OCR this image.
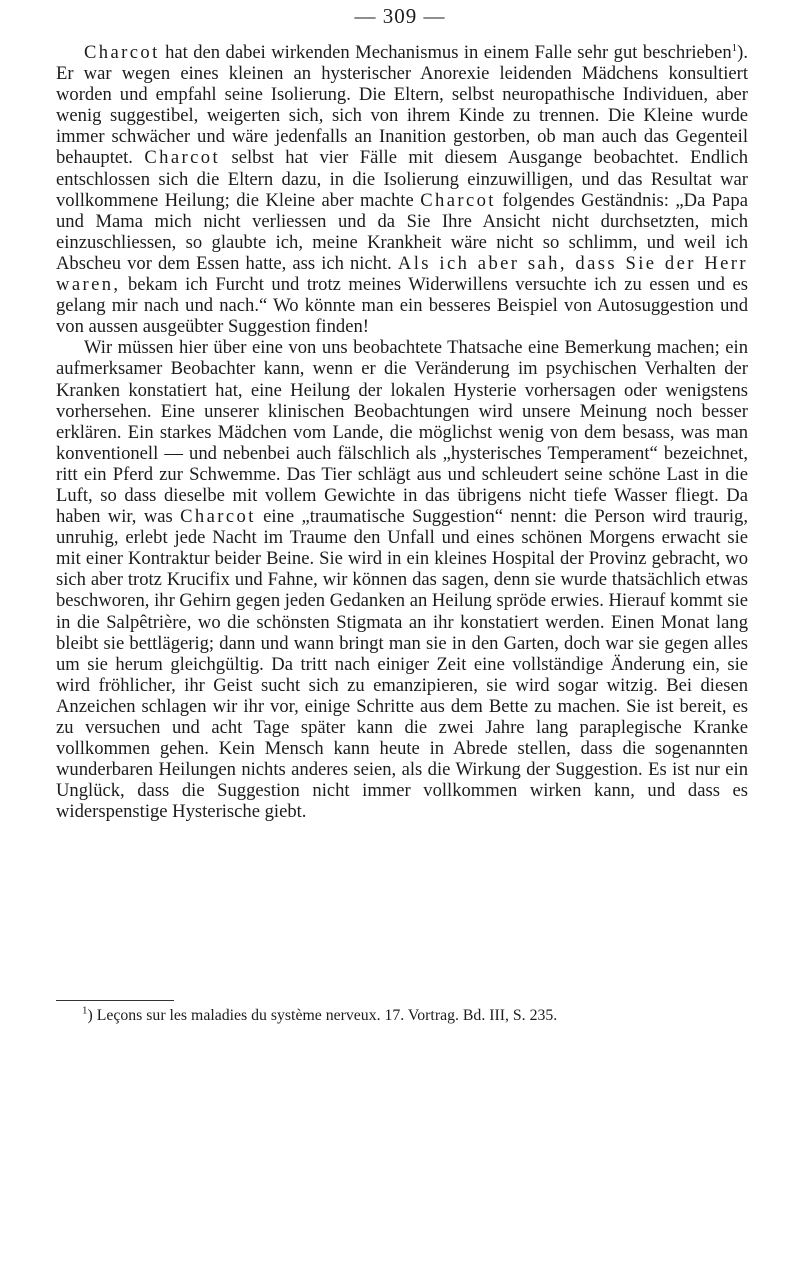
— 309 —

Charcot hat den dabei wirkenden Mechanismus in einem Falle sehr gut beschrieben$^1$). Er war wegen eines kleinen an hysterischer Anorexie leidenden Mädchens konsultiert worden und empfahl seine Isolierung. Die Eltern, selbst neuropathische Individuen, aber wenig suggestibel, weigerten sich, sich von ihrem Kinde zu trennen. Die Kleine wurde immer schwächer und wäre jedenfalls an Inanition gestorben, ob man auch das Gegenteil behauptet. Charcot selbst hat vier Fälle mit diesem Ausgange beobachtet. Endlich entschlossen sich die Eltern dazu, in die Isolierung einzuwilligen, und das Resultat war vollkommene Heilung; die Kleine aber machte Charcot folgendes Geständnis: „Da Papa und Mama mich nicht verliessen und da Sie Ihre Ansicht nicht durchsetzten, mich einzuschliessen, so glaubte ich, meine Krankheit wäre nicht so schlimm, und weil ich Abscheu vor dem Essen hatte, ass ich nicht. Als ich aber sah, dass Sie der Herr waren, bekam ich Furcht und trotz meines Widerwillens versuchte ich zu essen und es gelang mir nach und nach.“ Wo könnte man ein besseres Beispiel von Autosuggestion und von aussen ausgeübter Suggestion finden!

Wir müssen hier über eine von uns beobachtete Thatsache eine Bemerkung machen; ein aufmerksamer Beobachter kann, wenn er die Veränderung im psychischen Verhalten der Kranken konstatiert hat, eine Heilung der lokalen Hysterie vorhersagen oder wenigstens vorhersehen. Eine unserer klinischen Beobachtungen wird unsere Meinung noch besser erklären. Ein starkes Mädchen vom Lande, die möglichst wenig von dem besass, was man konventionell — und nebenbei auch fälschlich als „hysterisches Temperament“ bezeichnet, ritt ein Pferd zur Schwemme. Das Tier schlägt aus und schleudert seine schöne Last in die Luft, so dass dieselbe mit vollem Gewichte in das übrigens nicht tiefe Wasser fliegt. Da haben wir, was Charcot eine „traumatische Suggestion“ nennt: die Person wird traurig, unruhig, erlebt jede Nacht im Traume den Unfall und eines schönen Morgens erwacht sie mit einer Kontraktur beider Beine. Sie wird in ein kleines Hospital der Provinz gebracht, wo sich aber trotz Krucifix und Fahne, wir können das sagen, denn sie wurde thatsächlich etwas beschworen, ihr Gehirn gegen jeden Gedanken an Heilung spröde erwies. Hierauf kommt sie in die Salpêtrière, wo die schönsten Stigmata an ihr konstatiert werden. Einen Monat lang bleibt sie bettlägerig; dann und wann bringt man sie in den Garten, doch war sie gegen alles um sie herum gleichgültig. Da tritt nach einiger Zeit eine vollständige Änderung ein, sie wird fröhlicher, ihr Geist sucht sich zu emanzipieren, sie wird sogar witzig. Bei diesen Anzeichen schlagen wir ihr vor, einige Schritte aus dem Bette zu machen. Sie ist bereit, es zu versuchen und acht Tage später kann die zwei Jahre lang paraplegische Kranke vollkommen gehen. Kein Mensch kann heute in Abrede stellen, dass die sogenannten wunderbaren Heilungen nichts anderes seien, als die Wirkung der Suggestion. Es ist nur ein Unglück, dass die Suggestion nicht immer vollkommen wirken kann, und dass es widerspenstige Hysterische giebt.

$^1$) Leçons sur les maladies du système nerveux. 17. Vortrag. Bd. III, S. 235.
